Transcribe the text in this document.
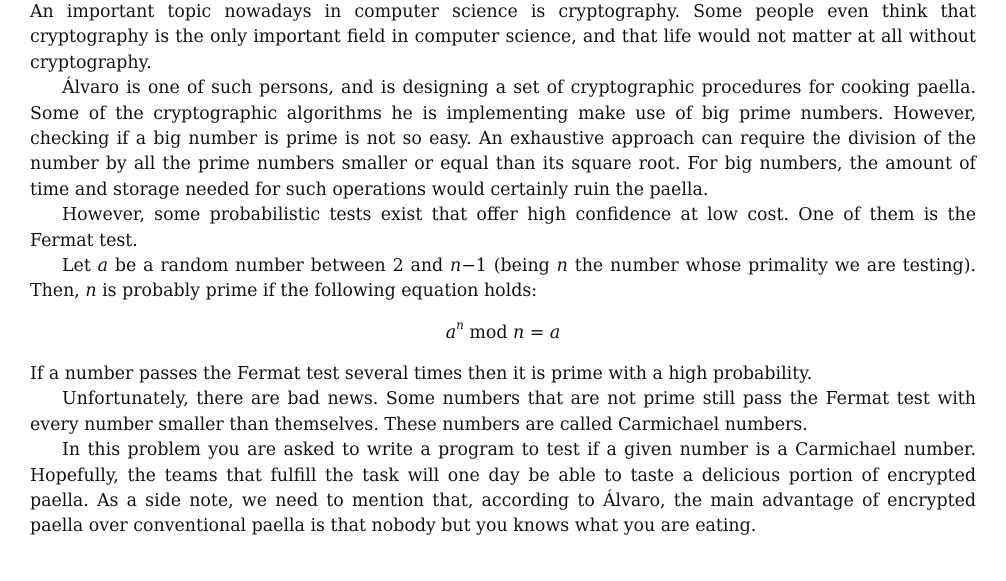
An important topic nowadays in computer science is cryptography. Some people even think that cryptography is the only important field in computer science, and that life would not matter at all without cryptography.

Álvaro is one of such persons, and is designing a set of cryptographic procedures for cooking paella. Some of the cryptographic algorithms he is implementing make use of big prime numbers. However, checking if a big number is prime is not so easy. An exhaustive approach can require the division of the number by all the prime numbers smaller or equal than its square root. For big numbers, the amount of time and storage needed for such operations would certainly ruin the paella.

However, some probabilistic tests exist that offer high confidence at low cost. One of them is the Fermat test.

Let a be a random number between 2 and n−1 (being n the number whose primality we are testing). Then, n is probably prime if the following equation holds:

$a^n$ mod n = a

If a number passes the Fermat test several times then it is prime with a high probability.

Unfortunately, there are bad news. Some numbers that are not prime still pass the Fermat test with every number smaller than themselves. These numbers are called Carmichael numbers.

In this problem you are asked to write a program to test if a given number is a Carmichael number. Hopefully, the teams that fulfill the task will one day be able to taste a delicious portion of encrypted paella. As a side note, we need to mention that, according to Álvaro, the main advantage of encrypted paella over conventional paella is that nobody but you knows what you are eating.
